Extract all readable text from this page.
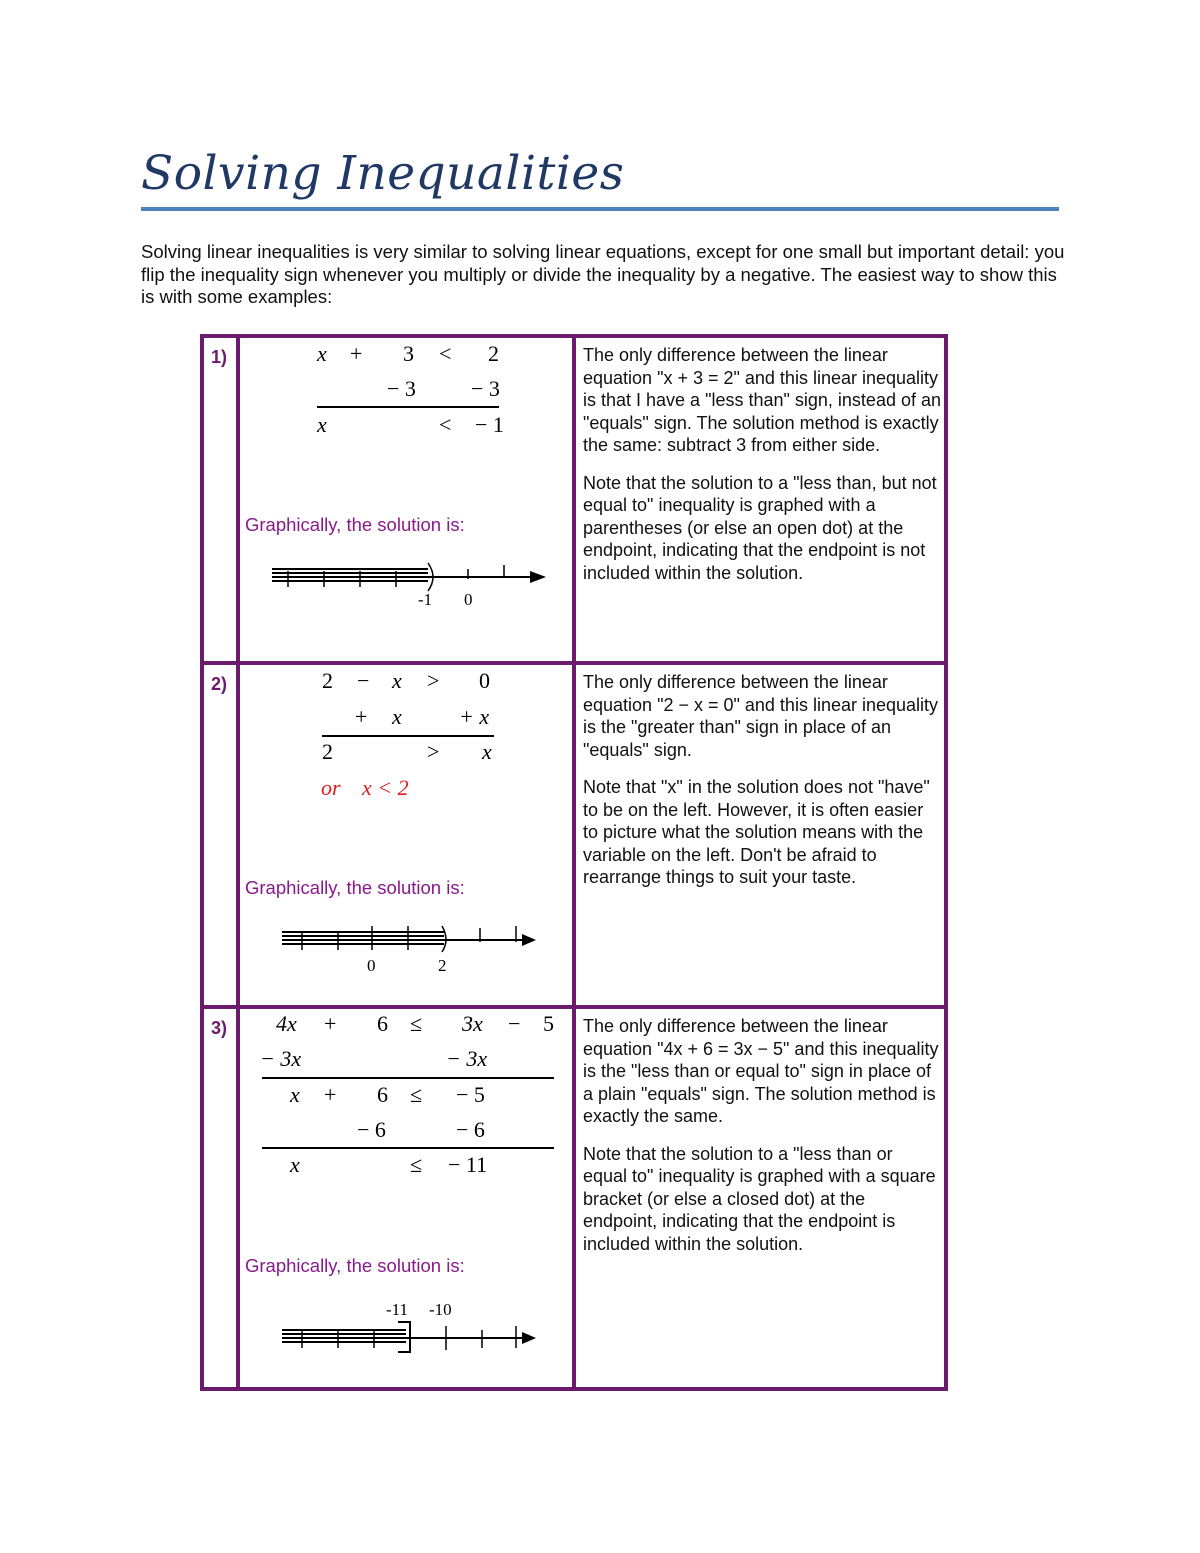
Solving Inequalities

Solving linear inequalities is very similar to solving linear equations, except for one small but important detail: you flip the inequality sign whenever you multiply or divide the inequality by a negative. The easiest way to show this is with some examples:

1)	x + 3 < 2
− 3	− 3
x	< − 1
Graphically, the solution is:
-1 0

The only difference between the linear equation "x + 3 = 2" and this linear inequality is that I have a "less than" sign, instead of an "equals" sign. The solution method is exactly the same: subtract 3 from either side.

Note that the solution to a "less than, but not equal to" inequality is graphed with a parentheses (or else an open dot) at the endpoint, indicating that the endpoint is not included within the solution.

2)	2 − x > 0
+ x	+ x
2	> x
or x < 2
Graphically, the solution is:
0	2

The only difference between the linear equation "2 − x = 0" and this linear inequality is the "greater than" sign in place of an "equals" sign.

Note that "x" in the solution does not "have" to be on the left. However, it is often easier to picture what the solution means with the variable on the left. Don't be afraid to rearrange things to suit your taste.

3) 4x + 6 ≤ 3x − 5
− 3x	− 3x
x + 6 ≤ − 5
− 6	− 6
x	≤ − 11
Graphically, the solution is:
-11 -10

The only difference between the linear equation "4x + 6 = 3x − 5" and this inequality is the "less than or equal to" sign in place of a plain "equals" sign. The solution method is exactly the same.

Note that the solution to a "less than or equal to" inequality is graphed with a square bracket (or else a closed dot) at the endpoint, indicating that the endpoint is included within the solution.
